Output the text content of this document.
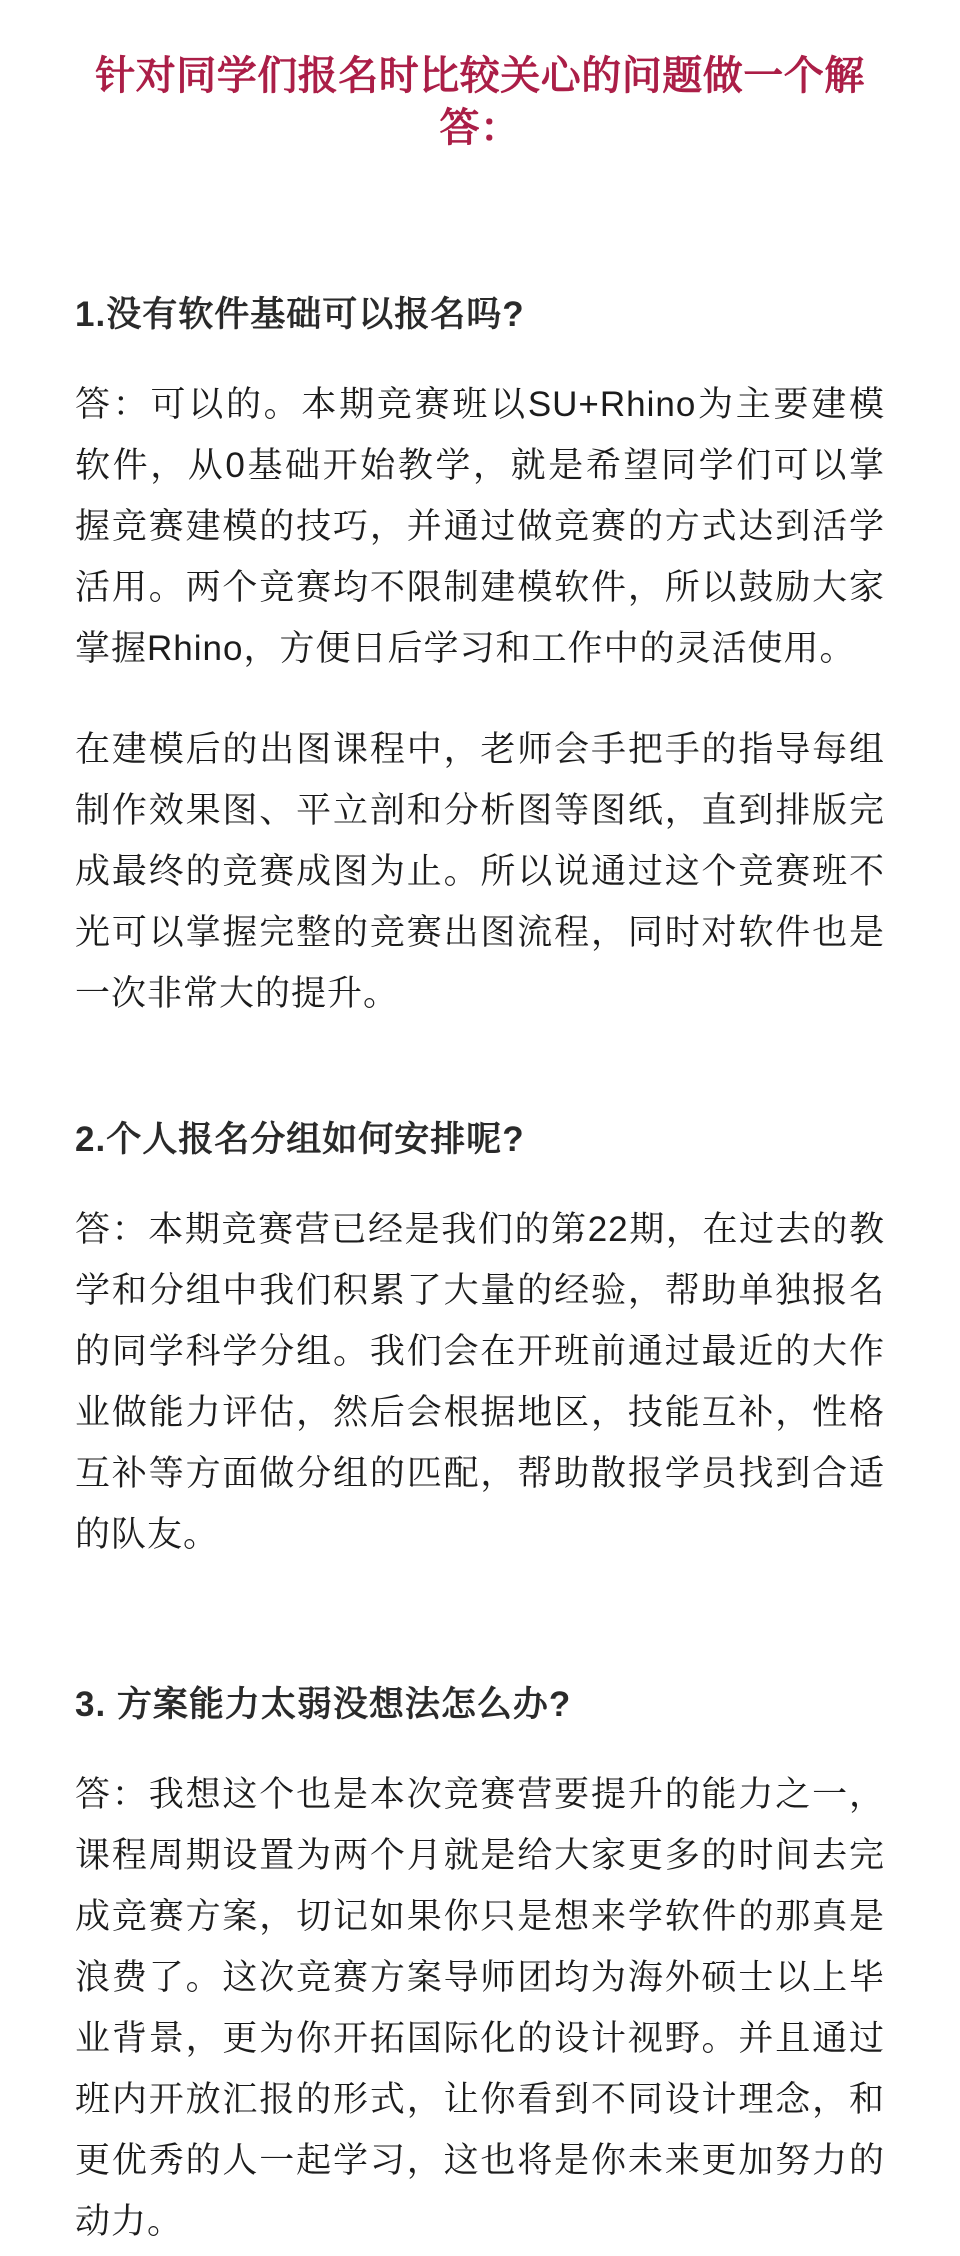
针对同学们报名时比较关心的问题做一个解答：
1.没有软件基础可以报名吗?

答：可以的。本期竞赛班以SU+Rhino为主要建模软件，从0基础开始教学，就是希望同学们可以掌握竞赛建模的技巧，并通过做竞赛的方式达到活学活用。两个竞赛均不限制建模软件，所以鼓励大家掌握Rhino，方便日后学习和工作中的灵活使用。

在建模后的出图课程中，老师会手把手的指导每组制作效果图、平立剖和分析图等图纸，直到排版完成最终的竞赛成图为止。所以说通过这个竞赛班不光可以掌握完整的竞赛出图流程，同时对软件也是一次非常大的提升。

2.个人报名分组如何安排呢?

答：本期竞赛营已经是我们的第22期，在过去的教学和分组中我们积累了大量的经验，帮助单独报名的同学科学分组。我们会在开班前通过最近的大作业做能力评估，然后会根据地区，技能互补，性格互补等方面做分组的匹配，帮助散报学员找到合适的队友。

3. 方案能力太弱没想法怎么办?

答：我想这个也是本次竞赛营要提升的能力之一，课程周期设置为两个月就是给大家更多的时间去完成竞赛方案，切记如果你只是想来学软件的那真是浪费了。这次竞赛方案导师团均为海外硕士以上毕业背景，更为你开拓国际化的设计视野。并且通过班内开放汇报的形式，让你看到不同设计理念，和更优秀的人一起学习，这也将是你未来更加努力的动力。
